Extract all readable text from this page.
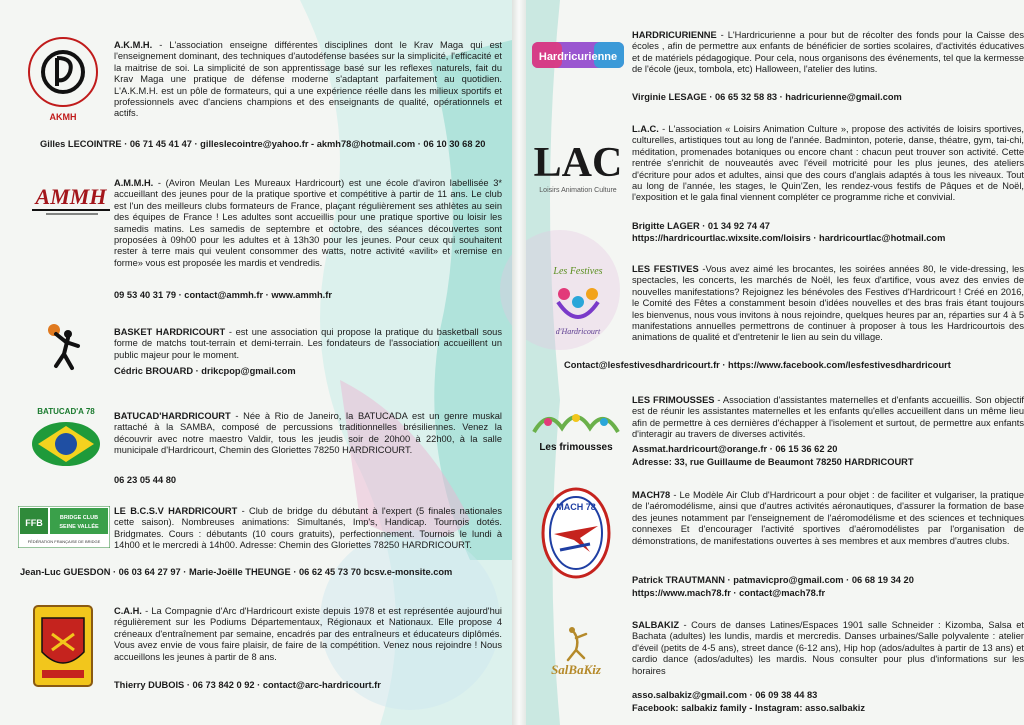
AKMH
A.K.M.H. - L'association enseigne différentes disciplines dont le Krav Maga qui est l'enseignement dominant, des techniques d'autodéfense basées sur la simplicité, l'efficacité et la maitrise de soi. La simplicité de son apprentissage basé sur les reflexes naturels, fait du Krav Maga une pratique de défense moderne s'adaptant parfaitement au quotidien. L'A.K.M.H. est un pôle de formateurs, qui a une expérience réelle dans les milieux sportifs et professionnels avec d'anciens champions et des enseignants de qualité, opérationnels et actifs.
Gilles LECOINTRE · 06 71 45 41 47 · gilleslecointre@yahoo.fr - akmh78@hotmail.com · 06 10 30 68 20
AMMH
A.M.M.H. - (Aviron Meulan Les Mureaux Hardricourt) est une école d'aviron labellisée 3* accueillant des jeunes pour de la pratique sportive et compétitive à partir de 11 ans. Le club est l'un des meilleurs clubs formateurs de France, plaçant régulièrement ses athlètes au sein des équipes de France ! Les adultes sont accueillis pour une pratique sportive ou loisir les samedis matins. Les samedis de septembre et octobre, des séances découvertes sont proposées à 09h00 pour les adultes et à 13h30 pour les jeunes. Pour ceux qui souhaitent rester à terre mais qui veulent consommer des watts, notre activité «avilit» et «remise en forme» vous est proposée les mardis et vendredis.
09 53 40 31 79 · contact@ammh.fr · www.ammh.fr
BASKET HARDRICOURT - est une association qui propose la pratique du basketball sous forme de matchs tout-terrain et demi-terrain. Les fondateurs de l'association accueillent un public majeur pour le moment.
Cédric BROUARD · drikcpop@gmail.com
BATUCAD'A 78 BATUCAD'HARDRICOURT - Née à Rio de Janeiro, la BATUCADA est un genre muskal rattaché à la SAMBA, composé de percussions traditionnelles brésiliennes. Venez la découvrir avec notre maestro Valdir, tous les jeudis soir de 20h00 à 22h00, à la salle municipale d'Hardricourt, Chemin des Gloriettes 78250 HARDRICOURT.
06 23 05 44 80
FFB	BRIDGE CLUB
SEINE VALLÉE
FÉDÉRATION FRANÇAISE DE BRIDGE
LE B.C.S.V HARDRICOURT - Club de bridge du débutant à l'expert (5 finales nationales cette saison). Nombreuses animations: Simultanés, Imp's, Handicap. Tournois dotés. Bridgmates. Cours : débutants (10 cours gratuits), perfectionnement. Tournois le lundi à 14h00 et le mercredi à 14h00. Adresse: Chemin des Gloriettes 78250 HARDRICOURT.
Jean-Luc GUESDON · 06 03 64 27 97 · Marie-Joëlle THEUNGE · 06 62 45 73 70 bcsv.e-monsite.com
C.A.H. - La Compagnie d'Arc d'Hardricourt existe depuis 1978 et est représentée aujourd'hui régulièrement sur les Podiums Départementaux, Régionaux et Nationaux. Elle propose 4 créneaux d'entraînement par semaine, encadrés par des entraîneurs et éducateurs diplômés. Vous avez envie de vous faire plaisir, de faire de la compétition. Venez nous rejoindre ! Nous accueillons les jeunes à partir de 8 ans.
Thierry DUBOIS · 06 73 842 0 92 · contact@arc-hardricourt.fr
Hardricurienne
HARDRICURIENNE - L'Hardricurienne a pour but de récolter des fonds pour la Caisse des écoles , afin de permettre aux enfants de bénéficier de sorties scolaires, d'activités éducatives et de matériels pédagogique. Pour cela, nous organisons des événements, tel que la kermesse de l'école (jeux, tombola, etc) Halloween, l'atelier des lutins.
Virginie LESAGE · 06 65 32 58 83 · hadricurienne@gmail.com
LAC
Loisirs Animation Culture
L.A.C. - L'association « Loisirs Animation Culture », propose des activités de loisirs sportives, culturelles, artistiques tout au long de l'année. Badminton, poterie, danse, théatre, gym, tai-chi, méditation, promenades botaniques ou encore chant : chacun peut trouver son activité. Cette rentrée s'enrichit de nouveautés avec l'éveil motricité pour les plus jeunes, des ateliers d'écriture pour ados et adultes, ainsi que des cours d'anglais adaptés à tous les niveaux. Tout au long de l'année, les stages, le Quin'Zen, les rendez-vous festifs de Pâques et de Noël, l'exposition et le gala final viennent compléter ce programme riche et convivial.
Brigitte LAGER · 01 34 92 74 47
https://hardricourtlac.wixsite.com/loisirs · hardricourtlac@hotmail.com
Les Festives
d'Hardricourt
LES FESTIVES -Vous avez aimé les brocantes, les soirées années 80, le vide-dressing, les spectacles, les concerts, les marchés de Noël, les feux d'artifice, vous avez des envies de nouvelles manifestations? Rejoignez les bénévoles des Festives d'Hardricourt ! Créé en 2016, le Comité des Fêtes a constamment besoin d'idées nouvelles et des bras frais étant toujours les bienvenus, nous vous invitons à nous rejoindre, quelques heures par an, réparties sur 4 à 5 manifestations annuelles permettrons de continuer à proposer à tous les Hardricourtois des animations de qualité et d'entretenir le lien au sein du village.
Contact@lesfestivesdhardricourt.fr · https://www.facebook.com/lesfestivesdhardricourt
Les frimousses
LES FRIMOUSSES - Association d'assistantes maternelles et d'enfants accueillis. Son objectif est de réunir les assistantes maternelles et les enfants qu'elles accueillent dans un même lieu afin de permettre à ces dernières d'échapper à l'isolement et surtout, de permettre aux enfants d'interagir au travers de diverses activités.
Assmat.hardricourt@orange.fr · 06 15 36 62 20
Adresse: 33, rue Guillaume de Beaumont 78250 HARDRICOURT
MACH 78
MACH78 - Le Modèle Air Club d'Hardricourt a pour objet : de faciliter et vulgariser, la pratique de l'aéromodélisme, ainsi que d'autres activités aéronautiques, d'assurer la formation de base des jeunes notamment par l'enseignement de l'aéromodélisme et des sciences et techniques connexes Et d'encourager l'activité sportives d'aéromodélistes par l'organisation de démonstrations, de manifestations ouvertes à ses membres et aux membres d'autres clubs.
Patrick TRAUTMANN · patmavicpro@gmail.com · 06 68 19 34 20
https://www.mach78.fr · contact@mach78.fr
SalBaKiz
SALBAKIZ - Cours de danses Latines/Espaces 1901 salle Schneider : Kizomba, Salsa et Bachata (adultes) les lundis, mardis et mercredis. Danses urbaines/Salle polyvalente : atelier d'éveil (petits de 4-5 ans), street dance (6-12 ans), Hip hop (ados/adultes à partir de 13 ans) et cardio dance (ados/adultes) les mardis. Nous consulter pour plus d'informations sur les horaires
asso.salbakiz@gmail.com · 06 09 38 44 83
Facebook: salbakiz family - Instagram: asso.salbakiz
